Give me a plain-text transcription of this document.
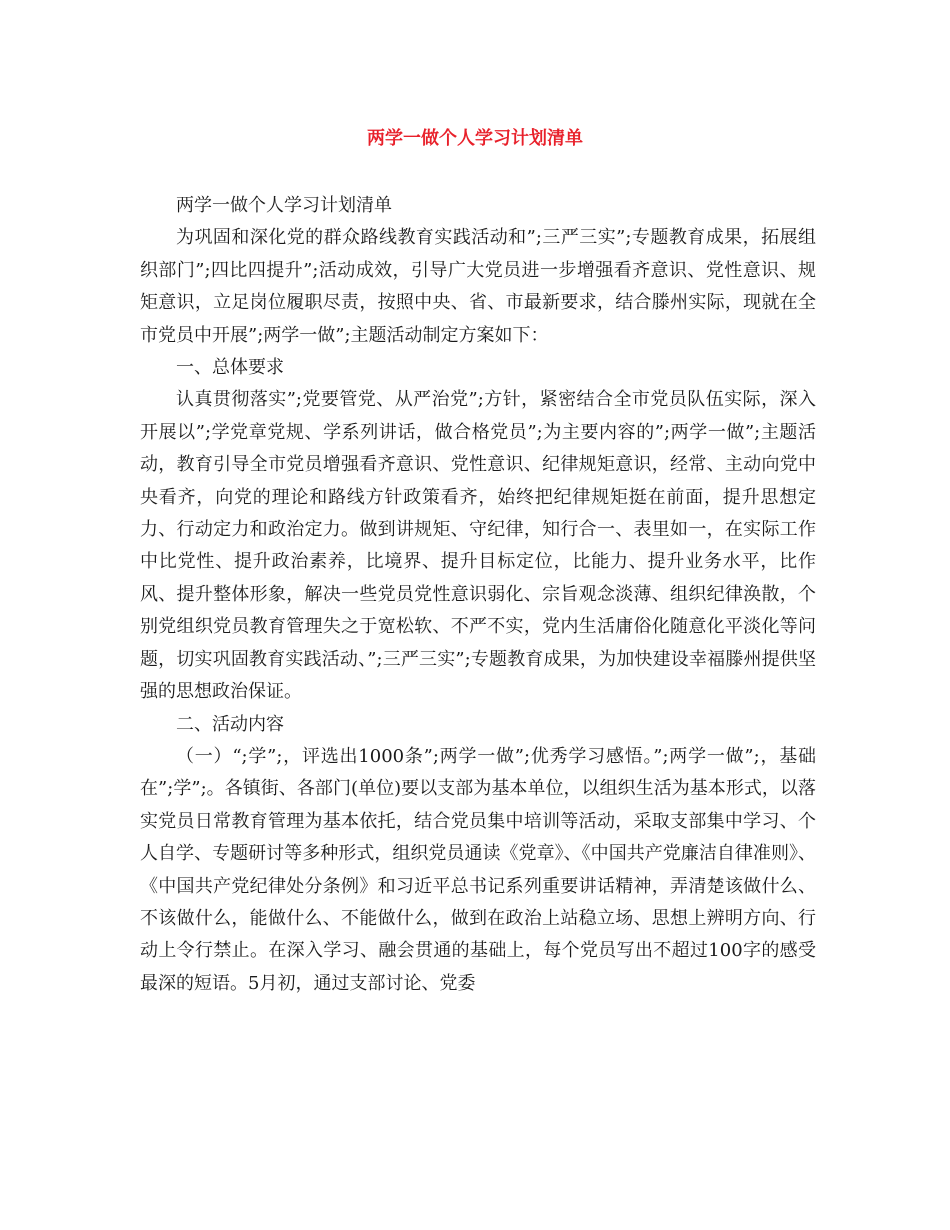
两学一做个人学习计划清单

两学一做个人学习计划清单

为巩固和深化党的群众路线教育实践活动和”;三严三实”;专题教育成果，拓展组织部门”;四比四提升”;活动成效，引导广大党员进一步增强看齐意识、党性意识、规矩意识，立足岗位履职尽责，按照中央、省、市最新要求，结合滕州实际，现就在全市党员中开展”;两学一做”;主题活动制定方案如下：

一、总体要求

认真贯彻落实”;党要管党、从严治党”;方针，紧密结合全市党员队伍实际，深入开展以”;学党章党规、学系列讲话，做合格党员”;为主要内容的”;两学一做”;主题活动，教育引导全市党员增强看齐意识、党性意识、纪律规矩意识，经常、主动向党中央看齐，向党的理论和路线方针政策看齐，始终把纪律规矩挺在前面，提升思想定力、行动定力和政治定力。做到讲规矩、守纪律，知行合一、表里如一，在实际工作中比党性、提升政治素养，比境界、提升目标定位，比能力、提升业务水平，比作风、提升整体形象，解决一些党员党性意识弱化、宗旨观念淡薄、组织纪律涣散，个别党组织党员教育管理失之于宽松软、不严不实，党内生活庸俗化随意化平淡化等问题，切实巩固教育实践活动、”;三严三实”;专题教育成果，为加快建设幸福滕州提供坚强的思想政治保证。

二、活动内容

（一）“;学”;，评选出1000条”;两学一做”;优秀学习感悟。”;两学一做”;，基础在”;学”;。各镇街、各部门(单位)要以支部为基本单位，以组织生活为基本形式，以落实党员日常教育管理为基本依托，结合党员集中培训等活动，采取支部集中学习、个人自学、专题研讨等多种形式，组织党员通读《党章》、《中国共产党廉洁自律准则》、《中国共产党纪律处分条例》和习近平总书记系列重要讲话精神，弄清楚该做什么、不该做什么，能做什么、不能做什么，做到在政治上站稳立场、思想上辨明方向、行动上令行禁止。在深入学习、融会贯通的基础上，每个党员写出不超过100字的感受最深的短语。5月初，通过支部讨论、党委
